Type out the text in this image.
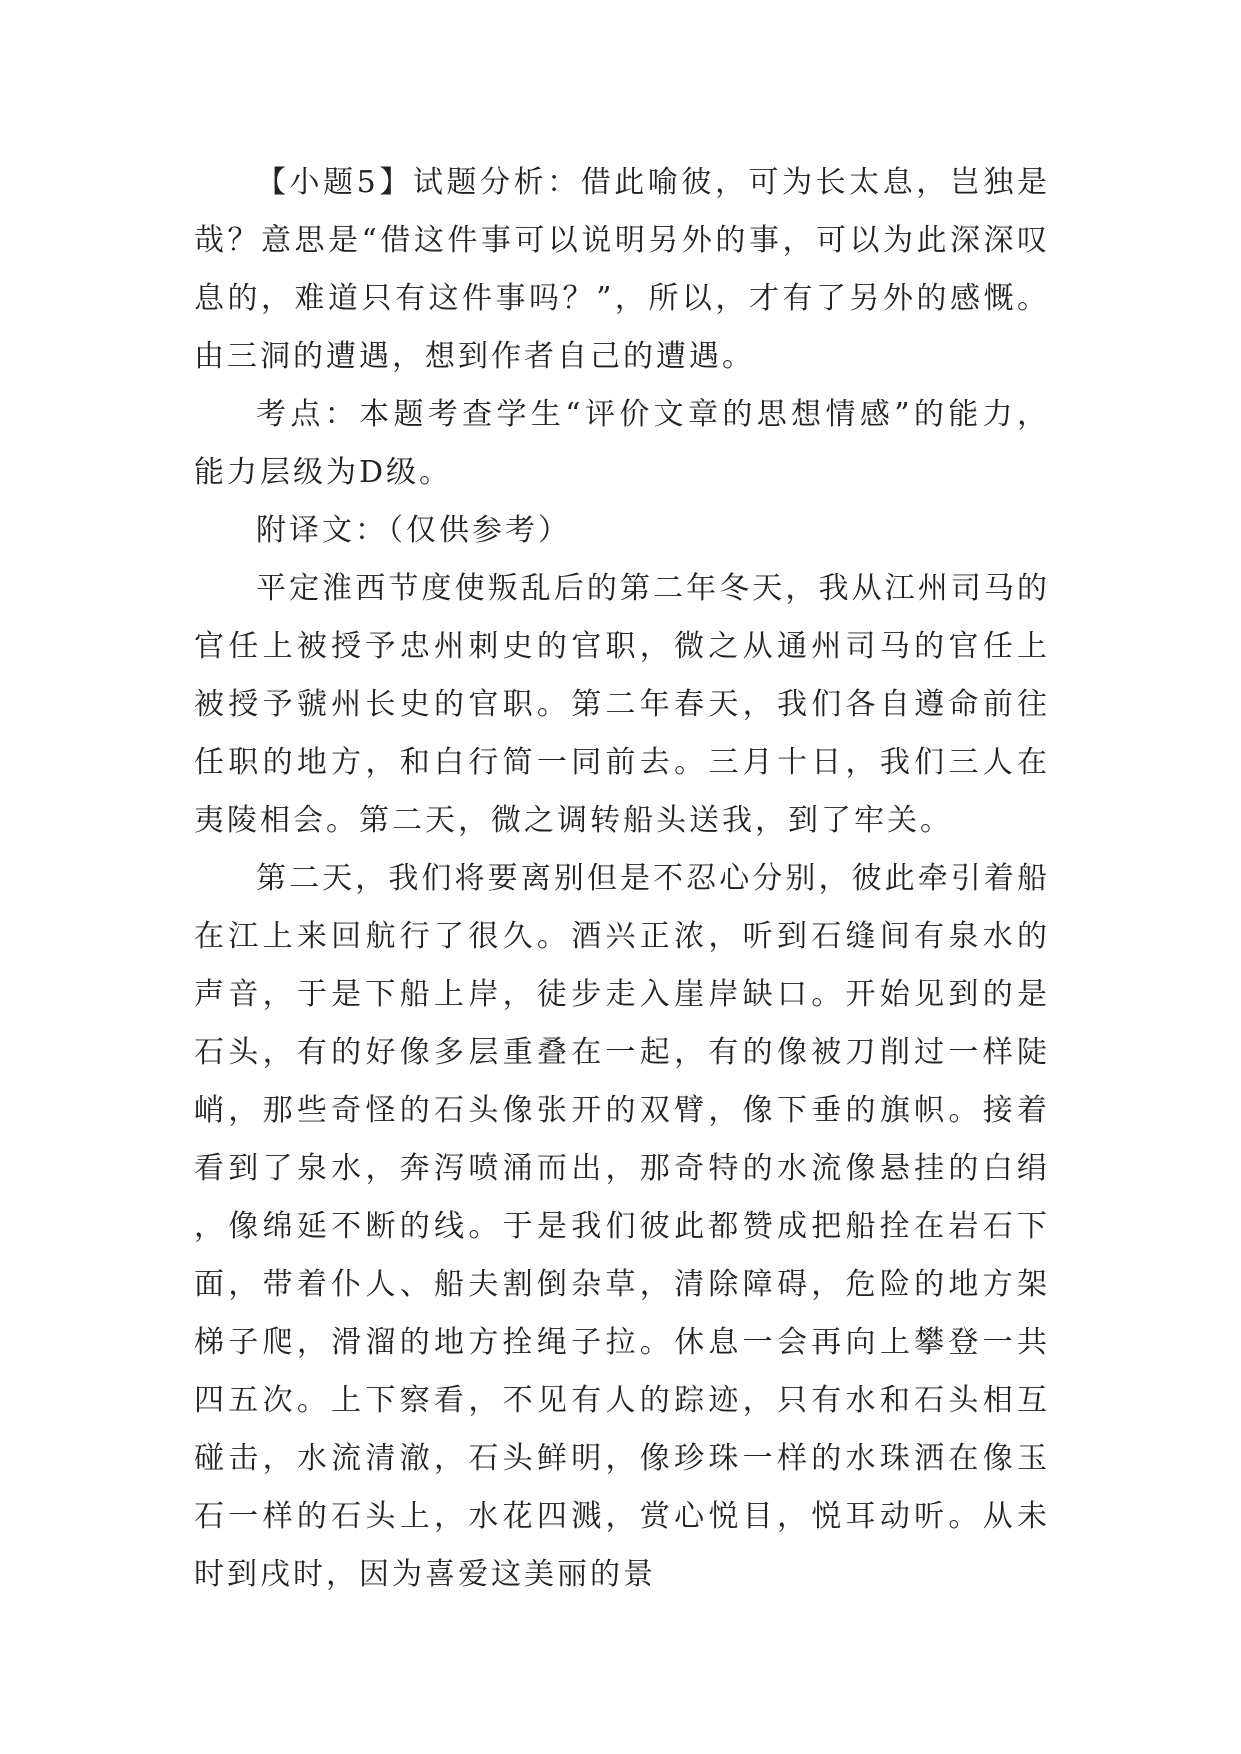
【小题5】试题分析：借此喻彼，可为长太息，岂独是哉？意思是“借这件事可以说明另外的事，可以为此深深叹息的，难道只有这件事吗？”，所以，才有了另外的感慨。由三洞的遭遇，想到作者自己的遭遇。

考点：本题考查学生“评价文章的思想情感”的能力，能力层级为D级。

附译文：（仅供参考）

平定淮西节度使叛乱后的第二年冬天，我从江州司马的官任上被授予忠州刺史的官职，微之从通州司马的官任上被授予虢州长史的官职。第二年春天，我们各自遵命前往任职的地方，和白行简一同前去。三月十日，我们三人在夷陵相会。第二天，微之调转船头送我，到了牢关。

第二天，我们将要离别但是不忍心分别，彼此牵引着船在江上来回航行了很久。酒兴正浓，听到石缝间有泉水的声音，于是下船上岸，徒步走入崖岸缺口。开始见到的是石头，有的好像多层重叠在一起，有的像被刀削过一样陡峭，那些奇怪的石头像张开的双臂，像下垂的旗帜。接着看到了泉水，奔泻喷涌而出，那奇特的水流像悬挂的白绢，像绵延不断的线。于是我们彼此都赞成把船拴在岩石下面，带着仆人、船夫割倒杂草，清除障碍，危险的地方架梯子爬，滑溜的地方拴绳子拉。休息一会再向上攀登一共四五次。上下察看，不见有人的踪迹，只有水和石头相互碰击，水流清澈，石头鲜明，像珍珠一样的水珠洒在像玉石一样的石头上，水花四溅，赏心悦目，悦耳动听。从未时到戌时，因为喜爱这美丽的景
